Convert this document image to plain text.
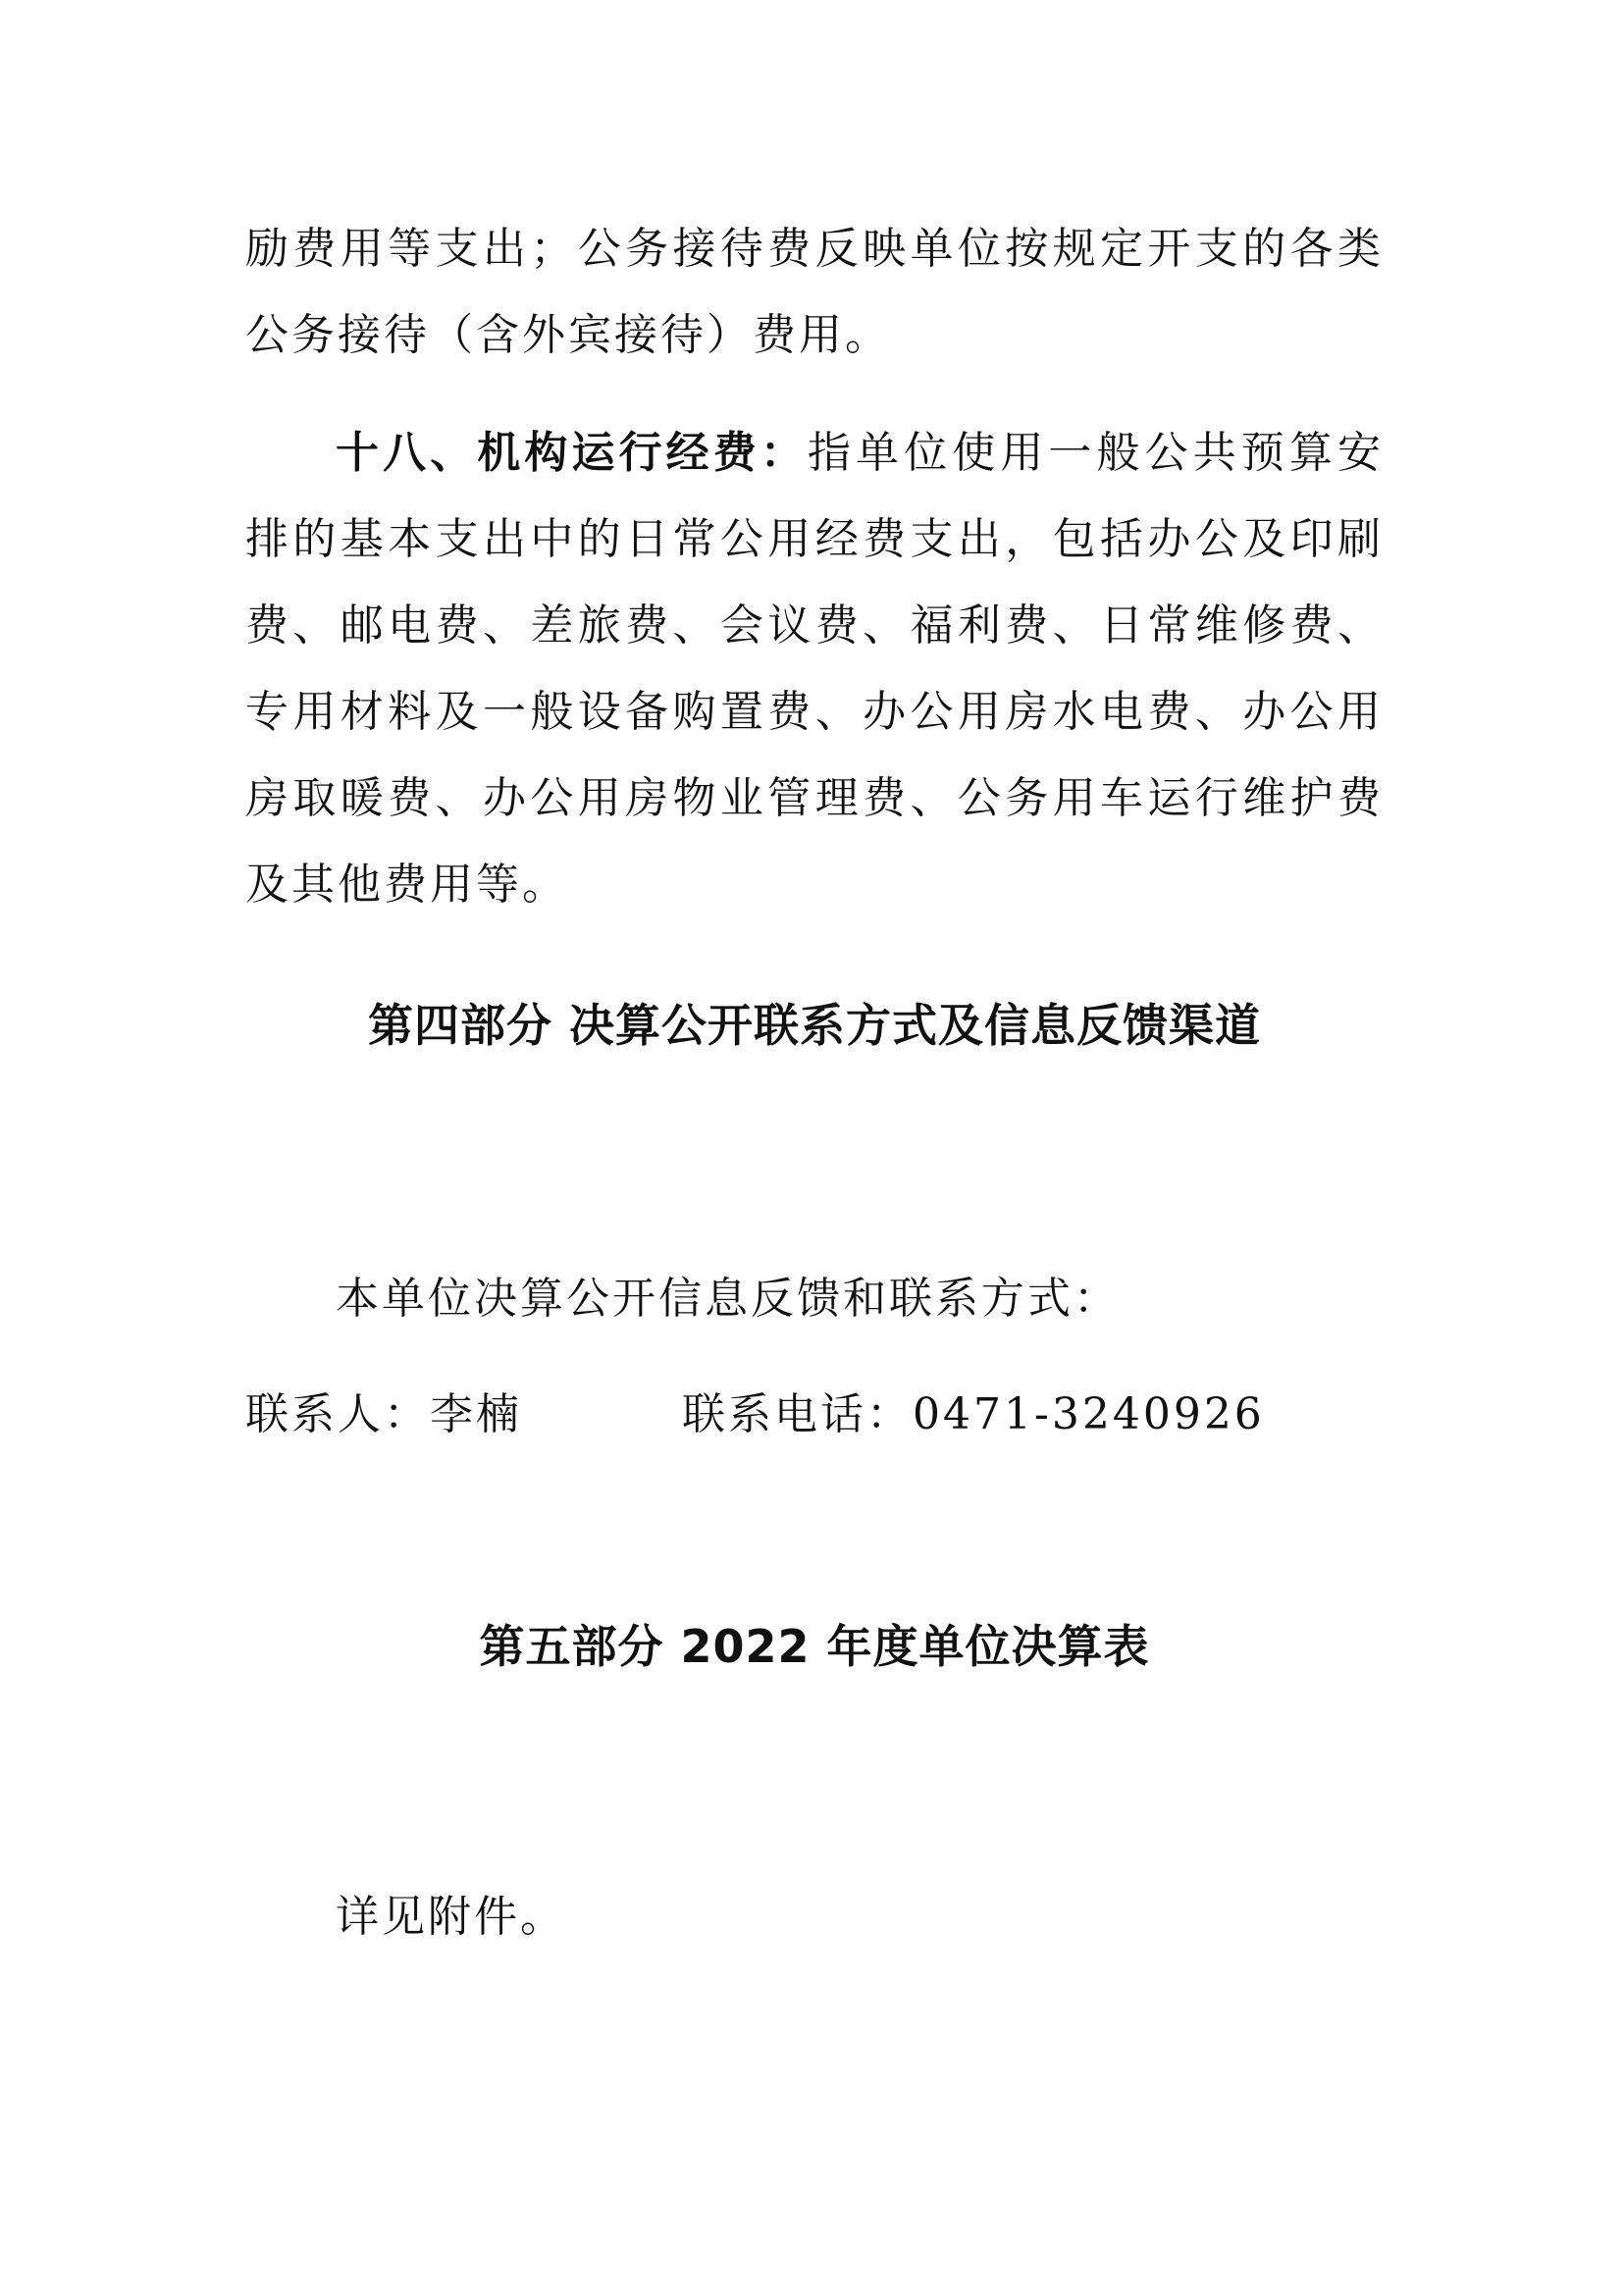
励费用等支出；公务接待费反映单位按规定开支的各类公务接待（含外宾接待）费用。

十八、机构运行经费：指单位使用一般公共预算安排的基本支出中的日常公用经费支出，包括办公及印刷费、邮电费、差旅费、会议费、福利费、日常维修费、专用材料及一般设备购置费、办公用房水电费、办公用房取暖费、办公用房物业管理费、公务用车运行维护费及其他费用等。

第四部分 决算公开联系方式及信息反馈渠道

本单位决算公开信息反馈和联系方式：

联系人：李楠	联系电话：0471-3240926
第五部分 2022 年度单位决算表

详见附件。
